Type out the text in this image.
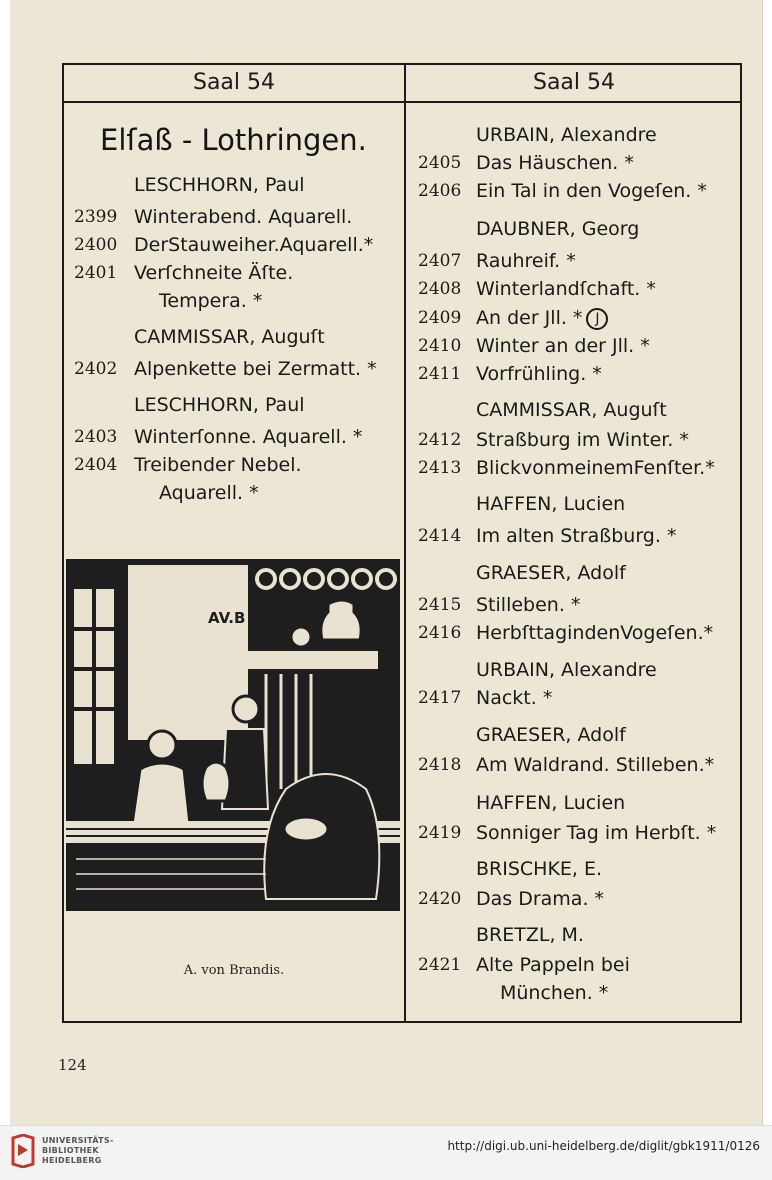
Saal 54	Saal 54
Elſaß - Lothringen.
LESCHHORN, Paul
2399 Winterabend. Aquarell.
2400 DerStauweiher.Aquarell.*
2401 Verſchneite Äſte.
Tempera. *
CAMMISSAR, Auguſt
2402 Alpenkette bei Zermatt. *
LESCHHORN, Paul
2403 Winterſonne. Aquarell. *
2404 Treibender Nebel.
Aquarell. *
URBAIN, Alexandre
2405 Das Häuschen. *
2406 Ein Tal in den Vogeſen. *
DAUBNER, Georg
2407 Rauhreif. *
2408 Winterlandſchaft. *
2409 An der Jll. * J
2410 Winter an der Jll. *
2411 Vorfrühling. *
CAMMISSAR, Auguſt
2412 Straßburg im Winter. *
2413 BlickvonmeinemFenſter.*
HAFFEN, Lucien
2414 Im alten Straßburg. *
GRAESER, Adolf
2415 Stilleben. *
2416 HerbſttagindenVogeſen.*
URBAIN, Alexandre
2417 Nackt. *
GRAESER, Adolf
2418 Am Waldrand. Stilleben.*
HAFFEN, Lucien
2419 Sonniger Tag im Herbſt. *
BRISCHKE, E.
2420 Das Drama. *
BRETZL, M.
2421 Alte Pappeln bei
München. *
AV.B
A. von Brandis.
124
UNIVERSITÄTS-
BIBLIOTHEK
HEIDELBERG
http://digi.ub.uni-heidelberg.de/diglit/gbk1911/0126
